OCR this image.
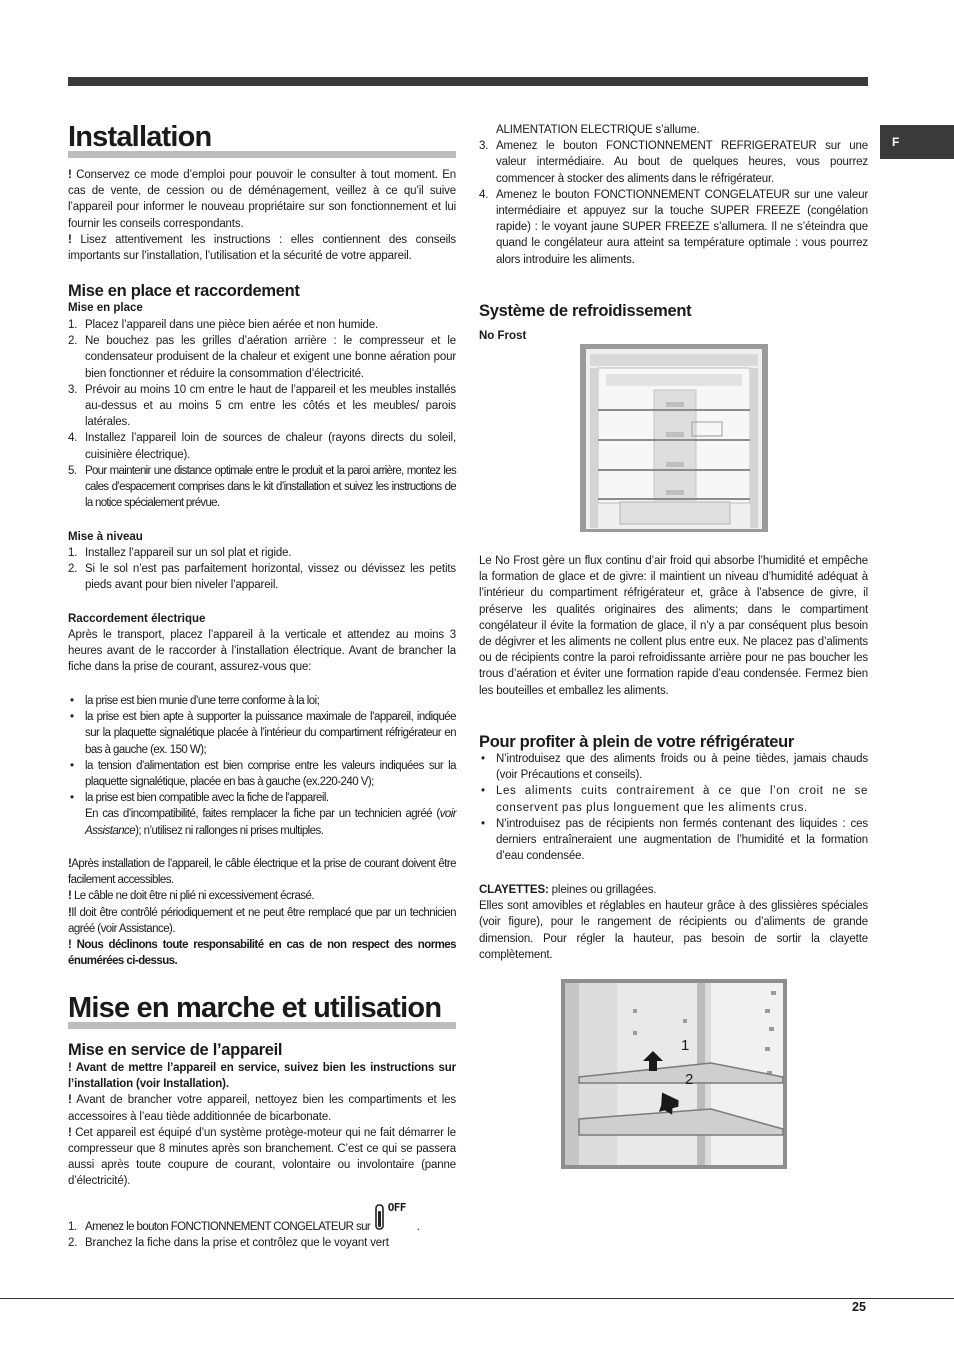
F
Installation
! Conservez ce mode d’emploi pour pouvoir le consulter à tout moment. En cas de vente, de cession ou de déménagement, veillez à ce qu’il suive l’appareil pour informer le nouveau propriétaire sur son fonctionnement et lui fournir les conseils correspondants.
! Lisez attentivement les instructions : elles contiennent des conseils importants sur l’installation, l’utilisation et la sécurité de votre appareil.
Mise en place et raccordement
Mise en place
1. Placez l’appareil dans une pièce bien aérée et non humide.
2. Ne bouchez pas les grilles d’aération arrière : le compresseur et le condensateur produisent de la chaleur et exigent une bonne aération pour bien fonctionner et réduire la consommation d’électricité.
3. Prévoir au moins 10 cm entre le haut de l’appareil et les meubles installés au-dessus et au moins 5 cm entre les côtés et les meubles/ parois latérales.
4. Installez l’appareil loin de sources de chaleur (rayons directs du soleil, cuisinière électrique).
5. Pour maintenir une distance optimale entre le produit et la paroi arrière, montez les cales d’espacement comprises dans le kit d’installation et suivez les instructions de la notice spécialement prévue.
Mise à niveau
1. Installez l’appareil sur un sol plat et rigide.
2. Si le sol n’est pas parfaitement horizontal, vissez ou dévissez les petits pieds avant pour bien niveler l’appareil.
Raccordement électrique
Après le transport, placez l’appareil à la verticale et attendez au moins 3 heures avant de le raccorder à l’installation électrique. Avant de brancher la fiche dans la prise de courant, assurez-vous que:
• la prise est bien munie d’une terre conforme à la loi;
• la prise est bien apte à supporter la puissance maximale de l’appareil, indiquée sur la plaquette signalétique placée à l’intérieur du compartiment réfrigérateur en bas à gauche (ex. 150 W);
• la tension d’alimentation est bien comprise entre les valeurs indiquées sur la plaquette signalétique, placée en bas à gauche (ex.220-240 V);
• la prise est bien compatible avec la fiche de l’appareil.
En cas d’incompatibilité, faites remplacer la fiche par un technicien agréé (voir Assistance); n’utilisez ni rallonges ni prises multiples.
!Après installation de l’appareil, le câble électrique et la prise de courant doivent être facilement accessibles.
! Le câble ne doit être ni plié ni excessivement écrasé.
!Il doit être contrôlé périodiquement et ne peut être remplacé que par un technicien agréé (voir Assistance).
! Nous déclinons toute responsabilité en cas de non respect des normes énumérées ci-dessus.
Mise en marche et utilisation
Mise en service de l’appareil
! Avant de mettre l’appareil en service, suivez bien les instructions sur l’installation (voir Installation).
! Avant de brancher votre appareil, nettoyez bien les compartiments et les accessoires à l’eau tiède additionnée de bicarbonate.
! Cet appareil est équipé d’un système protège-moteur qui ne fait démarrer le compresseur que 8 minutes après son branchement. C’est ce qui se passera aussi après toute coupure de courant, volontaire ou involontaire (panne d’électricité).
1. Amenez le bouton FONCTIONNEMENT CONGELATEUR sur
OFF
.
2. Branchez la fiche dans la prise et contrôlez que le voyant vert
ALIMENTATION ELECTRIQUE s’allume.
3. Amenez le bouton FONCTIONNEMENT REFRIGERATEUR sur une valeur intermédiaire. Au bout de quelques heures, vous pourrez commencer à stocker des aliments dans le réfrigérateur.
4. Amenez le bouton FONCTIONNEMENT CONGELATEUR sur une valeur intermédiaire et appuyez sur la touche SUPER FREEZE (congélation rapide) : le voyant jaune SUPER FREEZE s’allumera. Il ne s’éteindra que quand le congélateur aura atteint sa température optimale : vous pourrez alors introduire les aliments.
Système de refroidissement
No Frost
Le No Frost gère un flux continu d’air froid qui absorbe l’humidité et empêche la formation de glace et de givre: il maintient un niveau d’humidité adéquat à l’intérieur du compartiment réfrigérateur et, grâce à l’absence de givre, il préserve les qualités originaires des aliments; dans le compartiment congélateur il évite la formation de glace, il n’y a par conséquent plus besoin de dégivrer et les aliments ne collent plus entre eux. Ne placez pas d’aliments ou de récipients contre la paroi refroidissante arrière pour ne pas boucher les trous d’aération et éviter une formation rapide d’eau condensée. Fermez bien les bouteilles et emballez les aliments.
Pour profiter à plein de votre réfrigérateur
• N’introduisez que des aliments froids ou à peine tièdes, jamais chauds (voir Précautions et conseils).
• Les aliments cuits contrairement à ce que l’on croit ne se conservent pas plus longuement que les aliments crus.
• N’introduisez pas de récipients non fermés contenant des liquides : ces derniers entraîneraient une augmentation de l’humidité et la formation d’eau condensée.
CLAYETTES: pleines ou grillagées.
Elles sont amovibles et réglables en hauteur grâce à des glissières spéciales (voir figure), pour le rangement de récipients ou d’aliments de grande dimension. Pour régler la hauteur, pas besoin de sortir la clayette complètement.
1
2
25
